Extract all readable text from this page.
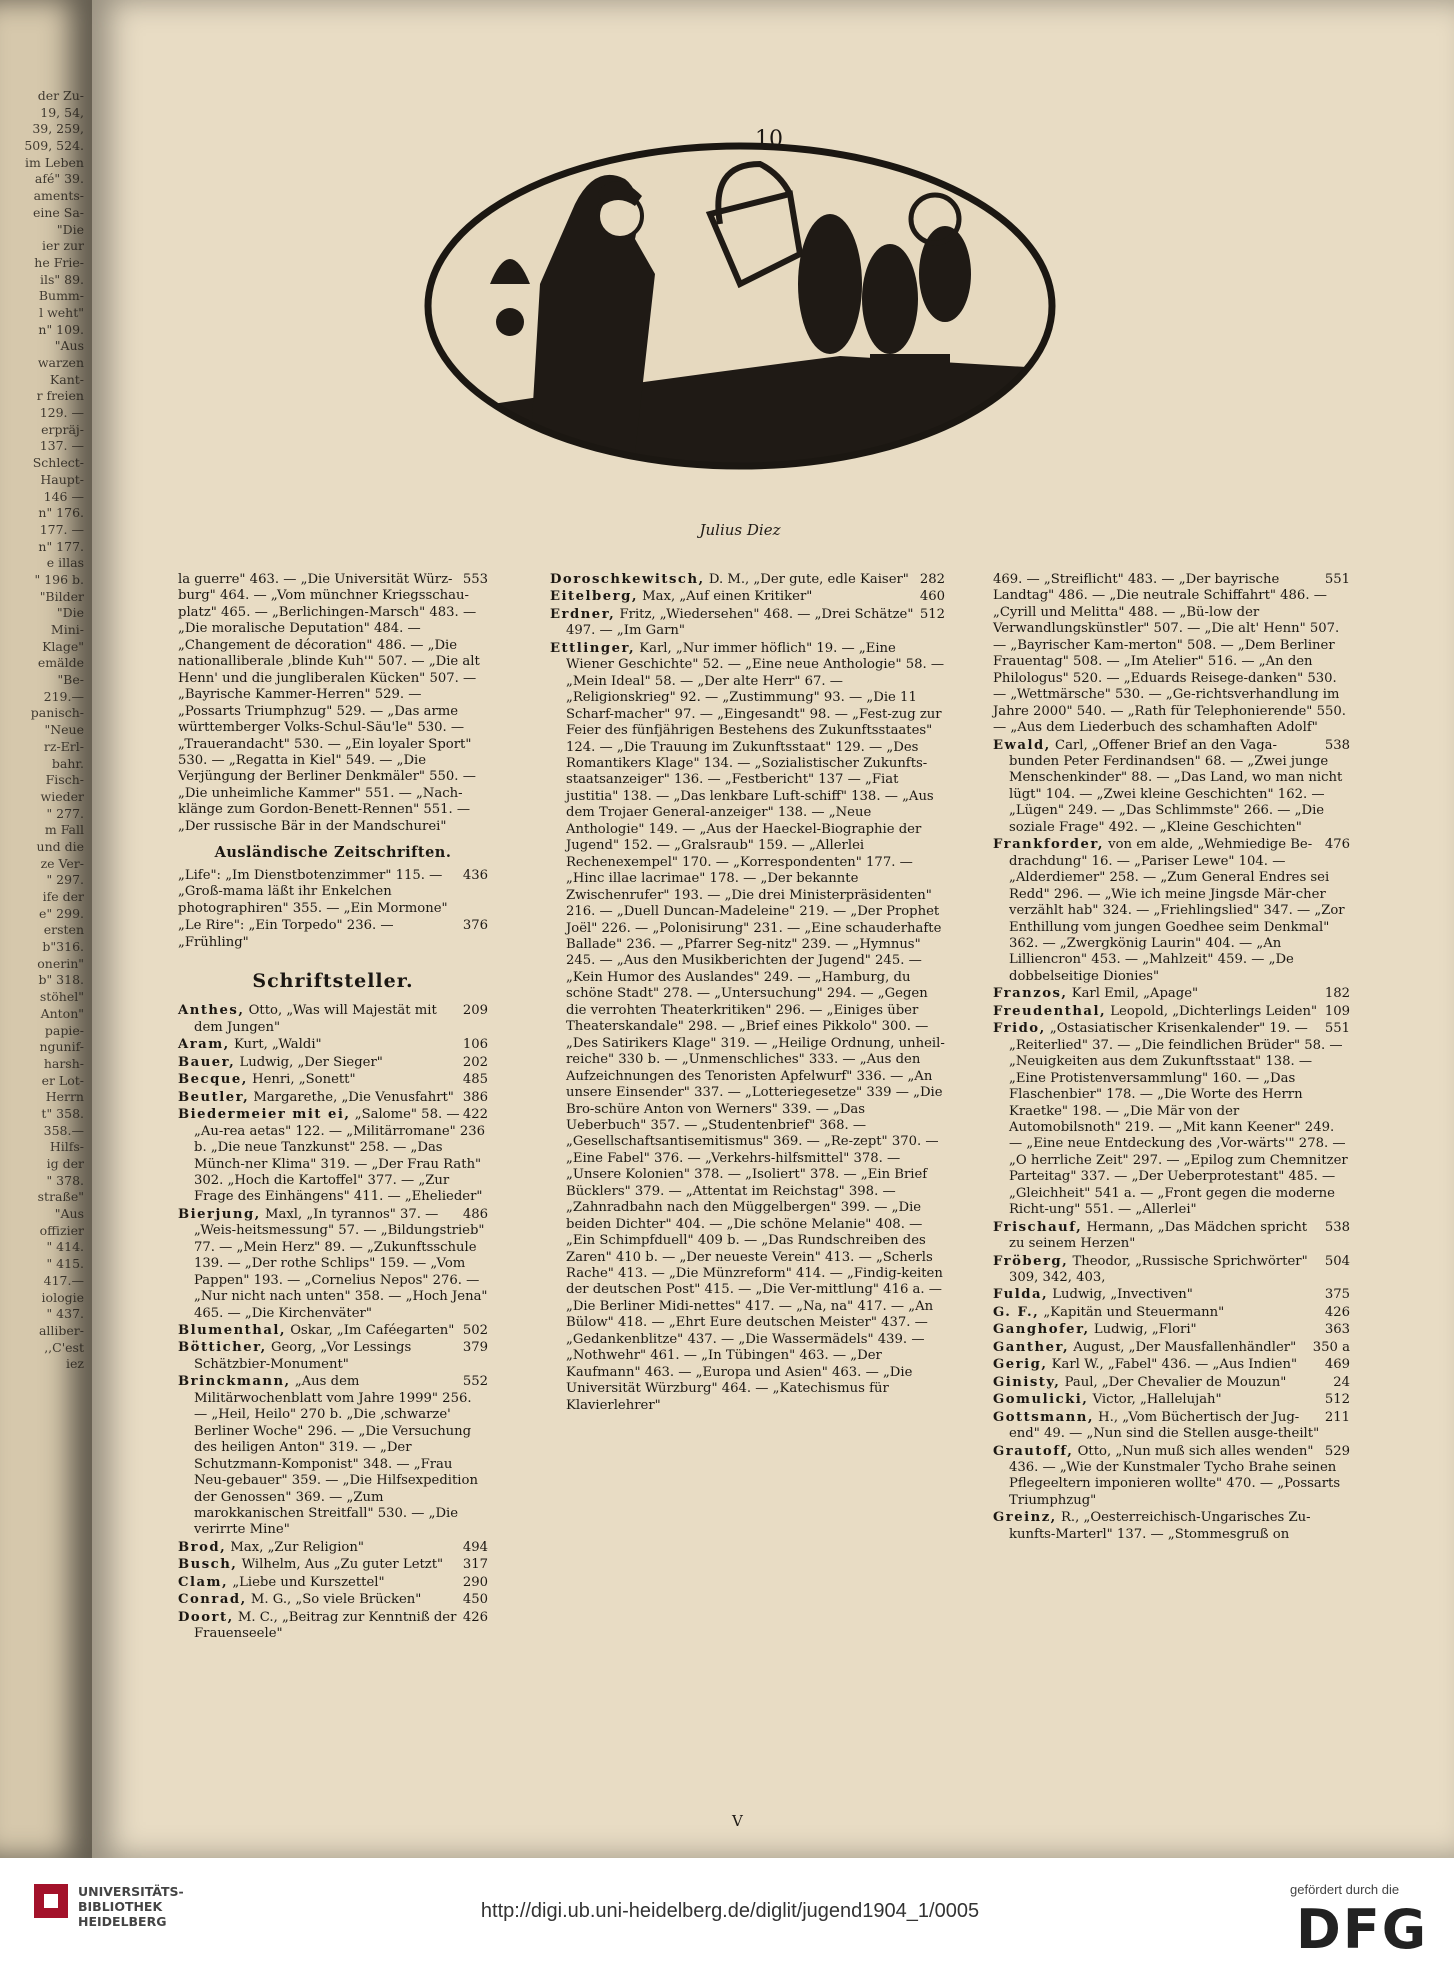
der Zu-
19, 54,
39, 259,
509, 524.
im Leben
afé" 39.
aments-
eine Sa-
"Die
ier zur
he Frie-
ils" 89.
Bumm-
l weht"
n" 109.
"Aus
warzen
Kant-
r freien
129. —
erpräj-
137. —
Schlect-
Haupt-
146 —
n" 176.
177. —
n" 177.
e illas
" 196 b.
"Bilder
"Die
Mini-
Klage"
emälde
"Be-
219.—
panisch-
"Neue
rz-Erl-
bahr.
Fisch-
wieder
" 277.
m Fall
und die
ze Ver-
" 297.
ife der
e" 299.
ersten
b"316.
onerin"
b" 318.
stöhel"
Anton"
papie-
ngunif-
harsh-
er Lot-
Herrn
t" 358.
358.—
Hilfs-
ig der
" 378.
straße"
"Aus
offizier
" 414.
" 415.
417.—
iologie
" 437.
alliber-
,,C'est
iez
10
Julius Diez
553
la guerre" 463. — „Die Universität Würz-burg" 464. — „Vom münchner Kriegsschau-platz" 465. — „Berlichingen-Marsch" 483. — „Die moralische Deputation" 484. — „Changement de décoration" 486. — „Die nationalliberale ‚blinde Kuh'" 507. — „Die alt Henn' und die jungliberalen Kücken" 507. — „Bayrische Kammer-Herren" 529. — „Possarts Triumphzug" 529. — „Das arme württemberger Volks-Schul-Säu'le" 530. — „Trauerandacht" 530. — „Ein loyaler Sport" 530. — „Regatta in Kiel" 549. — „Die Verjüngung der Berliner Denkmäler" 550. — „Die unheimliche Kammer" 551. — „Nach-klänge zum Gordon-Benett-Rennen" 551. — „Der russische Bär in der Mandschurei"
Ausländische Zeitschriften.
436
„Life": „Im Dienstbotenzimmer" 115. — „Groß-mama läßt ihr Enkelchen photographiren" 355. — „Ein Mormone"
376
„Le Rire": „Ein Torpedo" 236. — „Frühling"
Schriftsteller.
209
Anthes, Otto, „Was will Majestät mit dem Jungen"
106
Aram, Kurt, „Waldi"
202
Bauer, Ludwig, „Der Sieger"
485
Becque, Henri, „Sonett"
386
Beutler, Margarethe, „Die Venusfahrt"
422
Biedermeier mit ei, „Salome" 58. — „Au-rea aetas" 122. — „Militärromane" 236 b. „Die neue Tanzkunst" 258. — „Das Münch-ner Klima" 319. — „Der Frau Rath" 302. „Hoch die Kartoffel" 377. — „Zur Frage des Einhängens" 411. — „Ehelieder"
486
Bierjung, Maxl, „In tyrannos" 37. — „Weis-heitsmessung" 57. — „Bildungstrieb" 77. — „Mein Herz" 89. — „Zukunftsschule 139. — „Der rothe Schlips" 159. — „Vom Pappen" 193. — „Cornelius Nepos" 276. — „Nur nicht nach unten" 358. — „Hoch Jena" 465. — „Die Kirchenväter"
502
Blumenthal, Oskar, „Im Caféegarten"
379
Bötticher, Georg, „Vor Lessings Schätzbier-Monument"
552
Brinckmann, „Aus dem Militärwochenblatt vom Jahre 1999" 256. — „Heil, Heilo" 270 b. „Die ‚schwarze' Berliner Woche" 296. — „Die Versuchung des heiligen Anton" 319. — „Der Schutzmann-Komponist" 348. — „Frau Neu-gebauer" 359. — „Die Hilfsexpedition der Genossen" 369. — „Zum marokkanischen Streitfall" 530. — „Die verirrte Mine"
494
Brod, Max, „Zur Religion"
317
Busch, Wilhelm, Aus „Zu guter Letzt"
290
Clam, „Liebe und Kurszettel"
450
Conrad, M. G., „So viele Brücken"
426
Doort, M. C., „Beitrag zur Kenntniß der Frauenseele"
282
Doroschkewitsch, D. M., „Der gute, edle Kaiser"
460
Eitelberg, Max, „Auf einen Kritiker"
512
Erdner, Fritz, „Wiedersehen" 468. — „Drei Schätze" 497. — „Im Garn"
Ettlinger, Karl, „Nur immer höflich" 19. — „Eine Wiener Geschichte" 52. — „Eine neue Anthologie" 58. — „Mein Ideal" 58. — „Der alte Herr" 67. — „Religionskrieg" 92. — „Zustimmung" 93. — „Die 11 Scharf-macher" 97. — „Eingesandt" 98. — „Fest-zug zur Feier des fünfjährigen Bestehens des Zukunftsstaates" 124. — „Die Trauung im Zukunftsstaat" 129. — „Des Romantikers Klage" 134. — „Sozialistischer Zukunfts-staatsanzeiger" 136. — „Festbericht" 137 — „Fiat justitia" 138. — „Das lenkbare Luft-schiff" 138. — „Aus dem Trojaer General-anzeiger" 138. — „Neue Anthologie" 149. — „Aus der Haeckel-Biographie der Jugend" 152. — „Gralsraub" 159. — „Allerlei Rechenexempel" 170. — „Korrespondenten" 177. — „Hinc illae lacrimae" 178. — „Der bekannte Zwischenrufer" 193. — „Die drei Ministerpräsidenten" 216. — „Duell Duncan-Madeleine" 219. — „Der Prophet Joël" 226. — „Polonisirung" 231. — „Eine schauderhafte Ballade" 236. — „Pfarrer Seg-nitz" 239. — „Hymnus" 245. — „Aus den Musikberichten der Jugend" 245. — „Kein Humor des Auslandes" 249. — „Hamburg, du schöne Stadt" 278. — „Untersuchung" 294. — „Gegen die verrohten Theaterkritiken" 296. — „Einiges über Theaterskandale" 298. — „Brief eines Pikkolo" 300. — „Des Satirikers Klage" 319. — „Heilige Ordnung, unheil-reiche" 330 b. — „Unmenschliches" 333. — „Aus den Aufzeichnungen des Tenoristen Apfelwurf" 336. — „An unsere Einsender" 337. — „Lotteriegesetze" 339 — „Die Bro-schüre Anton von Werners" 339. — „Das Ueberbuch" 357. — „Studentenbrief" 368. — „Gesellschaftsantisemitismus" 369. — „Re-zept" 370. — „Eine Fabel" 376. — „Verkehrs-hilfsmittel" 378. — „Unsere Kolonien" 378. — „Isoliert" 378. — „Ein Brief Bücklers" 379. — „Attentat im Reichstag" 398. — „Zahnradbahn nach den Müggelbergen" 399. — „Die beiden Dichter" 404. — „Die schöne Melanie" 408. — „Ein Schimpfduell" 409 b. — „Das Rundschreiben des Zaren" 410 b. — „Der neueste Verein" 413. — „Scherls Rache" 413. — „Die Münzreform" 414. — „Findig-keiten der deutschen Post" 415. — „Die Ver-mittlung" 416 a. — „Die Berliner Midi-nettes" 417. — „Na, na" 417. — „An Bülow" 418. — „Ehrt Eure deutschen Meister" 437. — „Gedankenblitze" 437. — „Die Wassermädels" 439. — „Nothwehr" 461. — „In Tübingen" 463. — „Der Kaufmann" 463. — „Europa und Asien" 463. — „Die Universität Würzburg" 464. — „Katechismus für Klavierlehrer"
551
469. — „Streiflicht" 483. — „Der bayrische Landtag" 486. — „Die neutrale Schiffahrt" 486. — „Cyrill und Melitta" 488. — „Bü-low der Verwandlungskünstler" 507. — „Die alt' Henn" 507. — „Bayrischer Kam-merton" 508. — „Dem Berliner Frauentag" 508. — „Im Atelier" 516. — „An den Philologus" 520. — „Eduards Reisege-danken" 530. — „Wettmärsche" 530. — „Ge-richtsverhandlung im Jahre 2000" 540. — „Rath für Telephonierende" 550. — „Aus dem Liederbuch des schamhaften Adolf"
538
Ewald, Carl, „Offener Brief an den Vaga-bunden Peter Ferdinandsen" 68. — „Zwei junge Menschenkinder" 88. — „Das Land, wo man nicht lügt" 104. — „Zwei kleine Geschichten" 162. — „Lügen" 249. — „Das Schlimmste" 266. — „Die soziale Frage" 492. — „Kleine Geschichten"
476
Frankforder, von em alde, „Wehmiedige Be-drachdung" 16. — „Pariser Lewe" 104. — „Alderdiemer" 258. — „Zum General Endres sei Redd" 296. — „Wie ich meine Jingsde Mär-cher verzählt hab" 324. — „Friehlingslied" 347. — „Zor Enthillung vom jungen Goedhee seim Denkmal" 362. — „Zwergkönig Laurin" 404. — „An Lilliencron" 453. — „Mahlzeit" 459. — „De dobbelseitige Dionies"
182
Franzos, Karl Emil, „Apage"
109
Freudenthal, Leopold, „Dichterlings Leiden"
551
Frido, „Ostasiatischer Krisenkalender" 19. — „Reiterlied" 37. — „Die feindlichen Brüder" 58. — „Neuigkeiten aus dem Zukunftsstaat" 138. — „Eine Protistenversammlung" 160. — „Das Flaschenbier" 178. — „Die Worte des Herrn Kraetke" 198. — „Die Mär von der Automobilsnoth" 219. — „Mit kann Keener" 249. — „Eine neue Entdeckung des ‚Vor-wärts'" 278. — „O herrliche Zeit" 297. — „Epilog zum Chemnitzer Parteitag" 337. — „Der Ueberprotestant" 485. — „Gleichheit" 541 a. — „Front gegen die moderne Richt-ung" 551. — „Allerlei"
538
Frischauf, Hermann, „Das Mädchen spricht zu seinem Herzen"
504
Fröberg, Theodor, „Russische Sprichwörter" 309, 342, 403,
375
Fulda, Ludwig, „Invectiven"
426
G. F., „Kapitän und Steuermann"
363
Ganghofer, Ludwig, „Flori"
350 a
Ganther, August, „Der Mausfallenhändler"
469
Gerig, Karl W., „Fabel" 436. — „Aus Indien"
24
Ginisty, Paul, „Der Chevalier de Mouzun"
512
Gomulicki, Victor, „Hallelujah"
211
Gottsmann, H., „Vom Büchertisch der Jug-end" 49. — „Nun sind die Stellen ausge-theilt"
529
Grautoff, Otto, „Nun muß sich alles wenden" 436. — „Wie der Kunstmaler Tycho Brahe seinen Pflegeeltern imponieren wollte" 470. — „Possarts Triumphzug"
Greinz, R., „Oesterreichisch-Ungarisches Zu-kunfts-Marterl" 137. — „Stommesgruß on
V
UNIVERSITÄTS-
BIBLIOTHEK
HEIDELBERG	http://digi.ub.uni-heidelberg.de/diglit/jugend1904_1/0005
gefördert durch die
DFG
